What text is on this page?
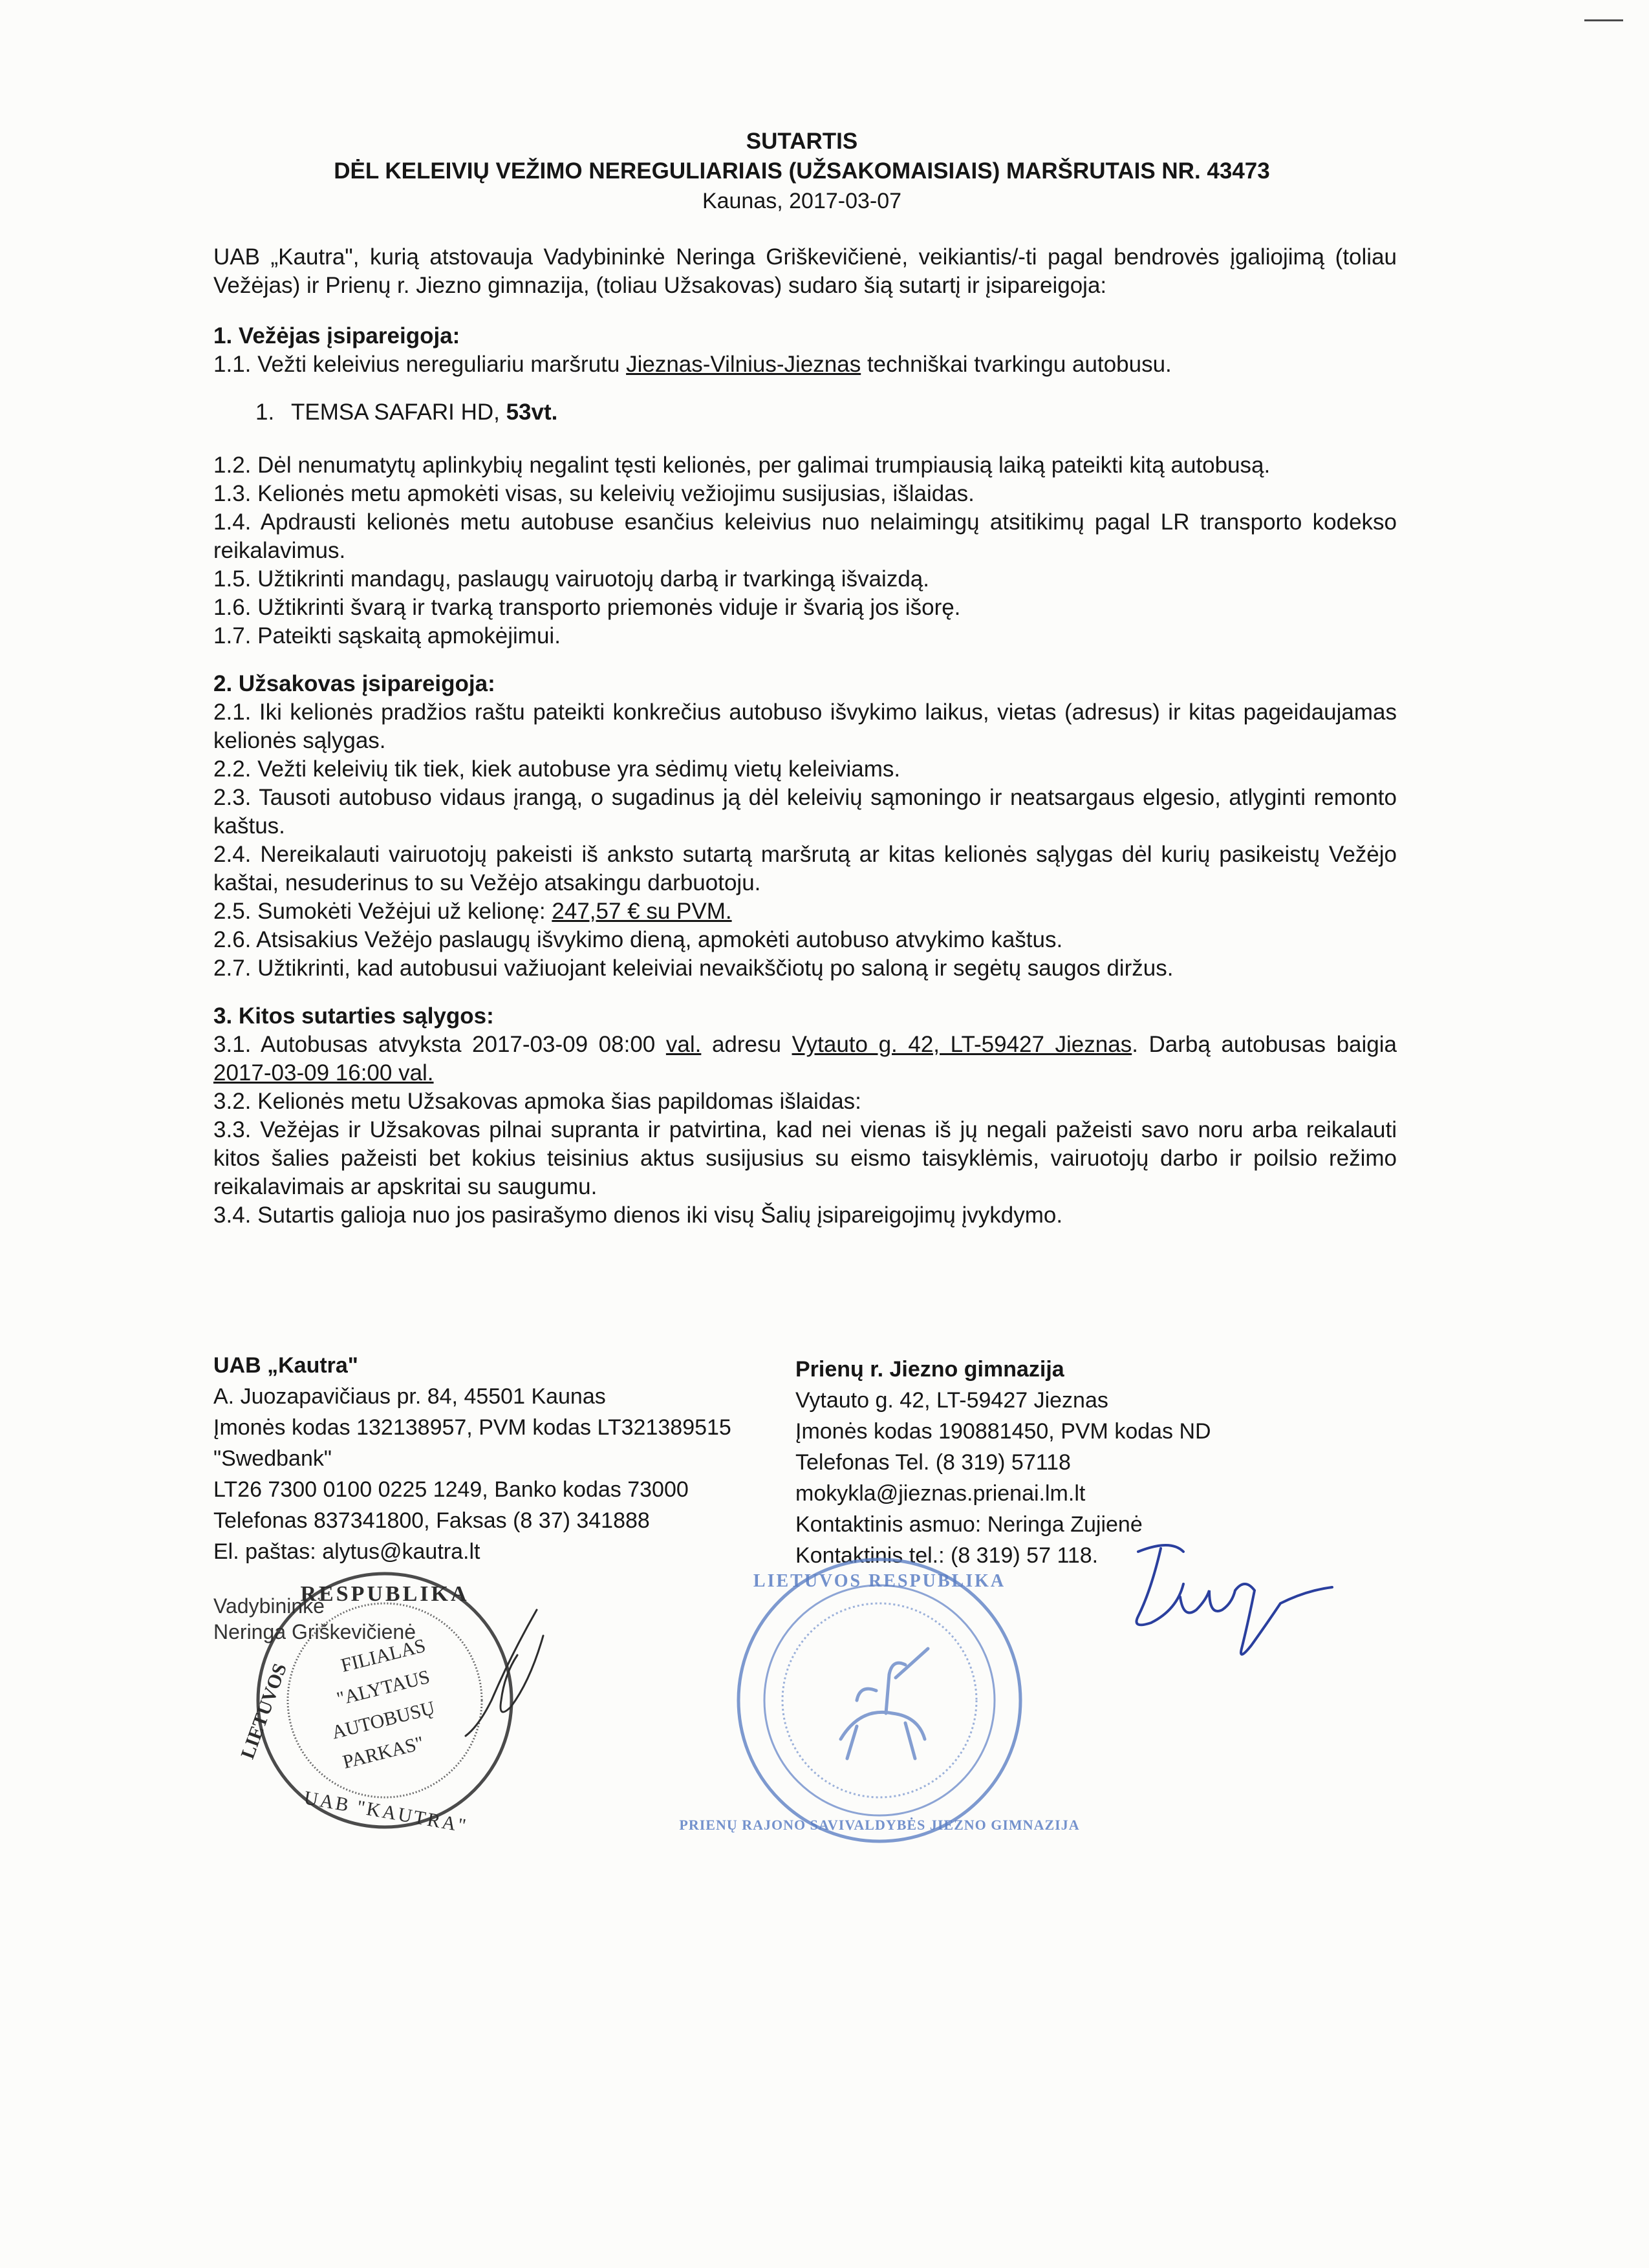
SUTARTIS
DĖL KELEIVIŲ VEŽIMO NEREGULIARIAIS (UŽSAKOMAISIAIS) MARŠRUTAIS NR. 43473
Kaunas, 2017-03-07

UAB „Kautra", kurią atstovauja Vadybininkė Neringa Griškevičienė, veikiantis/-ti pagal bendrovės įgaliojimą (toliau Vežėjas) ir Prienų r. Jiezno gimnazija, (toliau Užsakovas) sudaro šią sutartį ir įsipareigoja:

1. Vežėjas įsipareigoja:

1.1. Vežti keleivius nereguliariu maršrutu Jieznas-Vilnius-Jieznas techniškai tvarkingu autobusu.

1. TEMSA SAFARI HD, 53vt.

1.2. Dėl nenumatytų aplinkybių negalint tęsti kelionės, per galimai trumpiausią laiką pateikti kitą autobusą.

1.3. Kelionės metu apmokėti visas, su keleivių vežiojimu susijusias, išlaidas.

1.4. Apdrausti kelionės metu autobuse esančius keleivius nuo nelaimingų atsitikimų pagal LR transporto kodekso reikalavimus.

1.5. Užtikrinti mandagų, paslaugų vairuotojų darbą ir tvarkingą išvaizdą.

1.6. Užtikrinti švarą ir tvarką transporto priemonės viduje ir švarią jos išorę.

1.7. Pateikti sąskaitą apmokėjimui.

2. Užsakovas įsipareigoja:

2.1. Iki kelionės pradžios raštu pateikti konkrečius autobuso išvykimo laikus, vietas (adresus) ir kitas pageidaujamas kelionės sąlygas.

2.2. Vežti keleivių tik tiek, kiek autobuse yra sėdimų vietų keleiviams.

2.3. Tausoti autobuso vidaus įrangą, o sugadinus ją dėl keleivių sąmoningo ir neatsargaus elgesio, atlyginti remonto kaštus.

2.4. Nereikalauti vairuotojų pakeisti iš anksto sutartą maršrutą ar kitas kelionės sąlygas dėl kurių pasikeistų Vežėjo kaštai, nesuderinus to su Vežėjo atsakingu darbuotoju.

2.5. Sumokėti Vežėjui už kelionę: 247,57 € su PVM.

2.6. Atsisakius Vežėjo paslaugų išvykimo dieną, apmokėti autobuso atvykimo kaštus.

2.7. Užtikrinti, kad autobusui važiuojant keleiviai nevaikščiotų po saloną ir segėtų saugos diržus.

3. Kitos sutarties sąlygos:

3.1. Autobusas atvyksta 2017-03-09 08:00 val. adresu Vytauto g. 42, LT-59427 Jieznas. Darbą autobusas baigia 2017-03-09 16:00 val.

3.2. Kelionės metu Užsakovas apmoka šias papildomas išlaidas:

3.3. Vežėjas ir Užsakovas pilnai supranta ir patvirtina, kad nei vienas iš jų negali pažeisti savo noru arba reikalauti kitos šalies pažeisti bet kokius teisinius aktus susijusius su eismo taisyklėmis, vairuotojų darbo ir poilsio režimo reikalavimais ar apskritai su saugumu.

3.4. Sutartis galioja nuo jos pasirašymo dienos iki visų Šalių įsipareigojimų įvykdymo.

UAB „Kautra"

A. Juozapavičiaus pr. 84, 45501 Kaunas

Įmonės kodas 132138957, PVM kodas LT321389515

"Swedbank"

LT26 7300 0100 0225 1249, Banko kodas 73000

Telefonas 837341800, Faksas (8 37) 341888

El. paštas: alytus@kautra.lt

Prienų r. Jiezno gimnazija

Vytauto g. 42, LT-59427 Jieznas

Įmonės kodas 190881450, PVM kodas ND

Telefonas Tel. (8 319) 57118

mokykla@jieznas.prienai.lm.lt

Kontaktinis asmuo: Neringa Zujienė

Kontaktinis tel.: (8 319) 57 118.

Vadybininkė

Neringa Griškevičienė

RESPUBLIKA
LIETUVOS
FILIALAS
"ALYTAUS
AUTOBUSŲ
PARKAS"
UAB "KAUTRA"
LIETUVOS RESPUBLIKA
PRIENŲ RAJONO SAVIVALDYBĖS JIEZNO GIMNAZIJA
